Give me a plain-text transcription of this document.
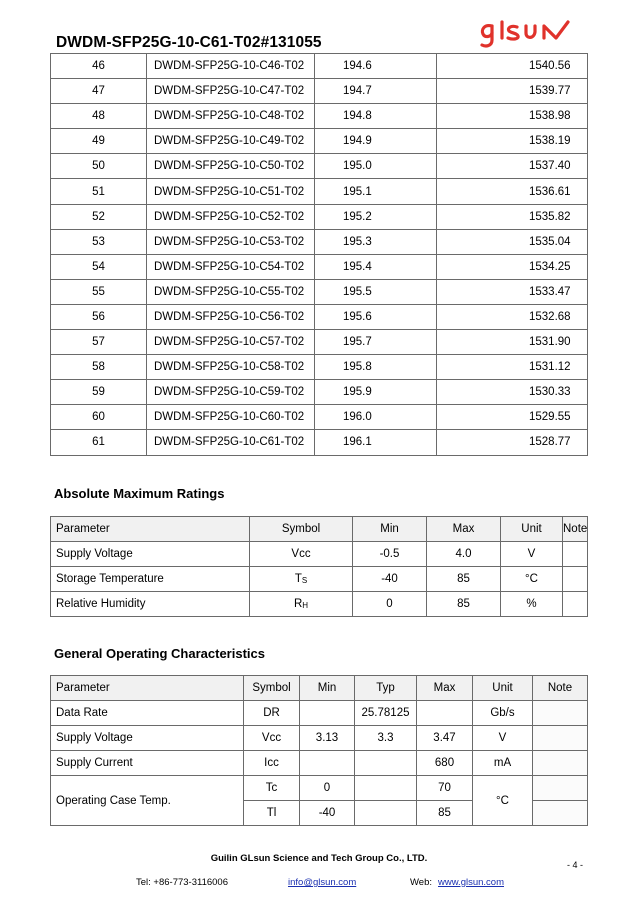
DWDM-SFP25G-10-C61-T02#131055
46	DWDM-SFP25G-10-C46-T02	194.6	1540.56
47	DWDM-SFP25G-10-C47-T02	194.7	1539.77
48	DWDM-SFP25G-10-C48-T02	194.8	1538.98
49	DWDM-SFP25G-10-C49-T02	194.9	1538.19
50	DWDM-SFP25G-10-C50-T02	195.0	1537.40
51	DWDM-SFP25G-10-C51-T02	195.1	1536.61
52	DWDM-SFP25G-10-C52-T02	195.2	1535.82
53	DWDM-SFP25G-10-C53-T02	195.3	1535.04
54	DWDM-SFP25G-10-C54-T02	195.4	1534.25
55	DWDM-SFP25G-10-C55-T02	195.5	1533.47
56	DWDM-SFP25G-10-C56-T02	195.6	1532.68
57	DWDM-SFP25G-10-C57-T02	195.7	1531.90
58	DWDM-SFP25G-10-C58-T02	195.8	1531.12
59	DWDM-SFP25G-10-C59-T02	195.9	1530.33
60	DWDM-SFP25G-10-C60-T02	196.0	1529.55
61	DWDM-SFP25G-10-C61-T02	196.1	1528.77
Absolute Maximum Ratings
Parameter	Symbol	Min	Max	Unit	Note
Supply Voltage	Vcc	-0.5	4.0	V	
Storage Temperature	$T_S$	-40	85	°C	
Relative Humidity	$R_H$	0	85	%	
General Operating Characteristics
Parameter	Symbol	Min	Typ	Max	Unit	Note
Data Rate	DR		25.78125		Gb/s	
Supply Voltage	Vcc	3.13	3.3	3.47	V	
Supply Current	Icc			680	mA	
Operating Case Temp.	Tc	0		70	°C	
	Tl	-40		85		
Guilin GLsun Science and Tech Group Co., LTD.
- 4 -
Tel: +86-773-3116006	info@glsun.com	Web: www.glsun.com
